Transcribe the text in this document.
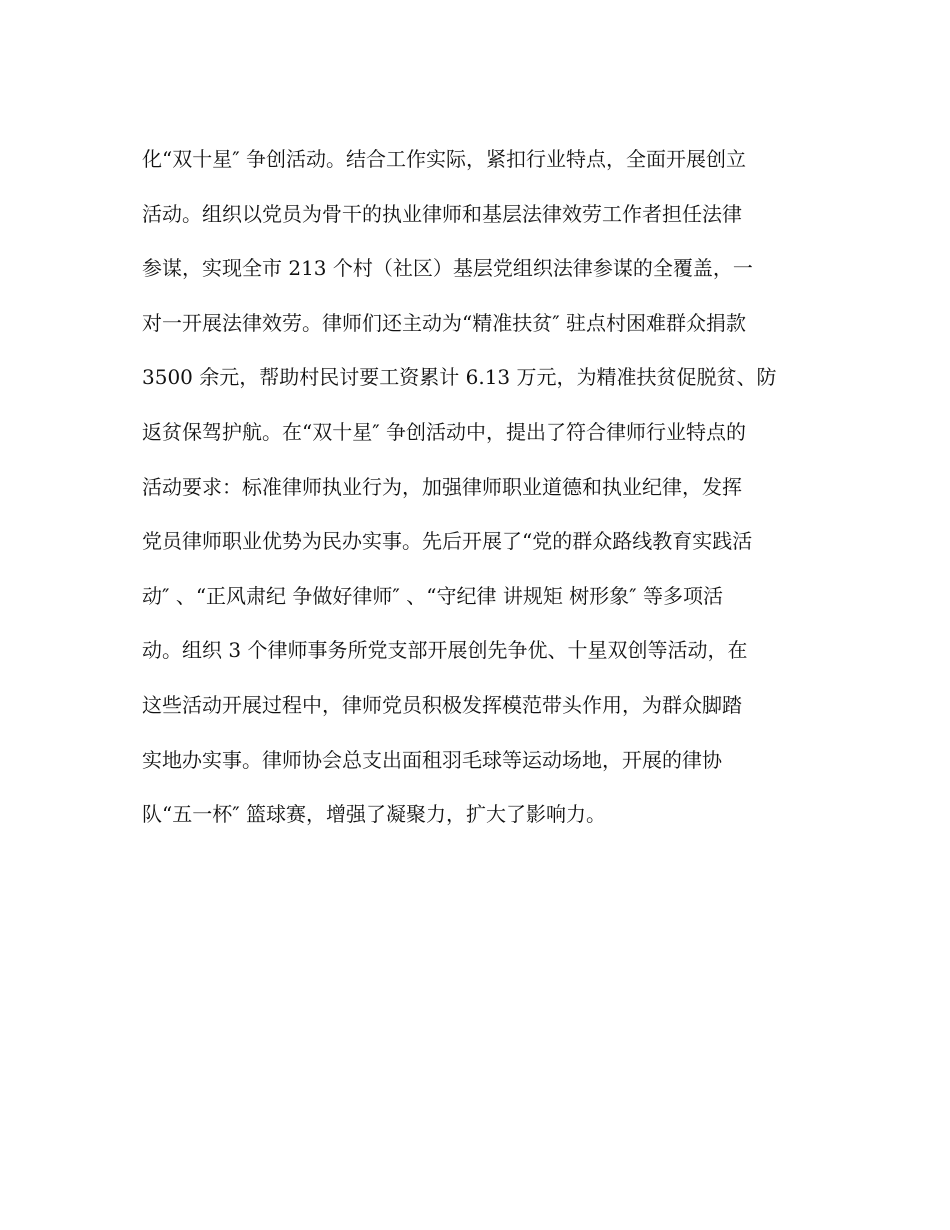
化“双十星″ 争创活动。结合工作实际，紧扣行业特点，全面开展创立
活动。组织以党员为骨干的执业律师和基层法律效劳工作者担任法律
参谋，实现全市 213 个村（社区）基层党组织法律参谋的全覆盖，一
对一开展法律效劳。律师们还主动为“精准扶贫″ 驻点村困难群众捐款
3500 余元，帮助村民讨要工资累计 6.13 万元，为精准扶贫促脱贫、防
返贫保驾护航。在“双十星″ 争创活动中，提出了符合律师行业特点的
活动要求：标准律师执业行为，加强律师职业道德和执业纪律，发挥
党员律师职业优势为民办实事。先后开展了“党的群众路线教育实践活
动″ 、“正风肃纪 争做好律师″ 、“守纪律 讲规矩 树形象″ 等多项活
动。组织 3 个律师事务所党支部开展创先争优、十星双创等活动，在
这些活动开展过程中，律师党员积极发挥模范带头作用，为群众脚踏
实地办实事。律师协会总支出面租羽毛球等运动场地，开展的律协
队“五一杯″ 篮球赛，增强了凝聚力，扩大了影响力。
